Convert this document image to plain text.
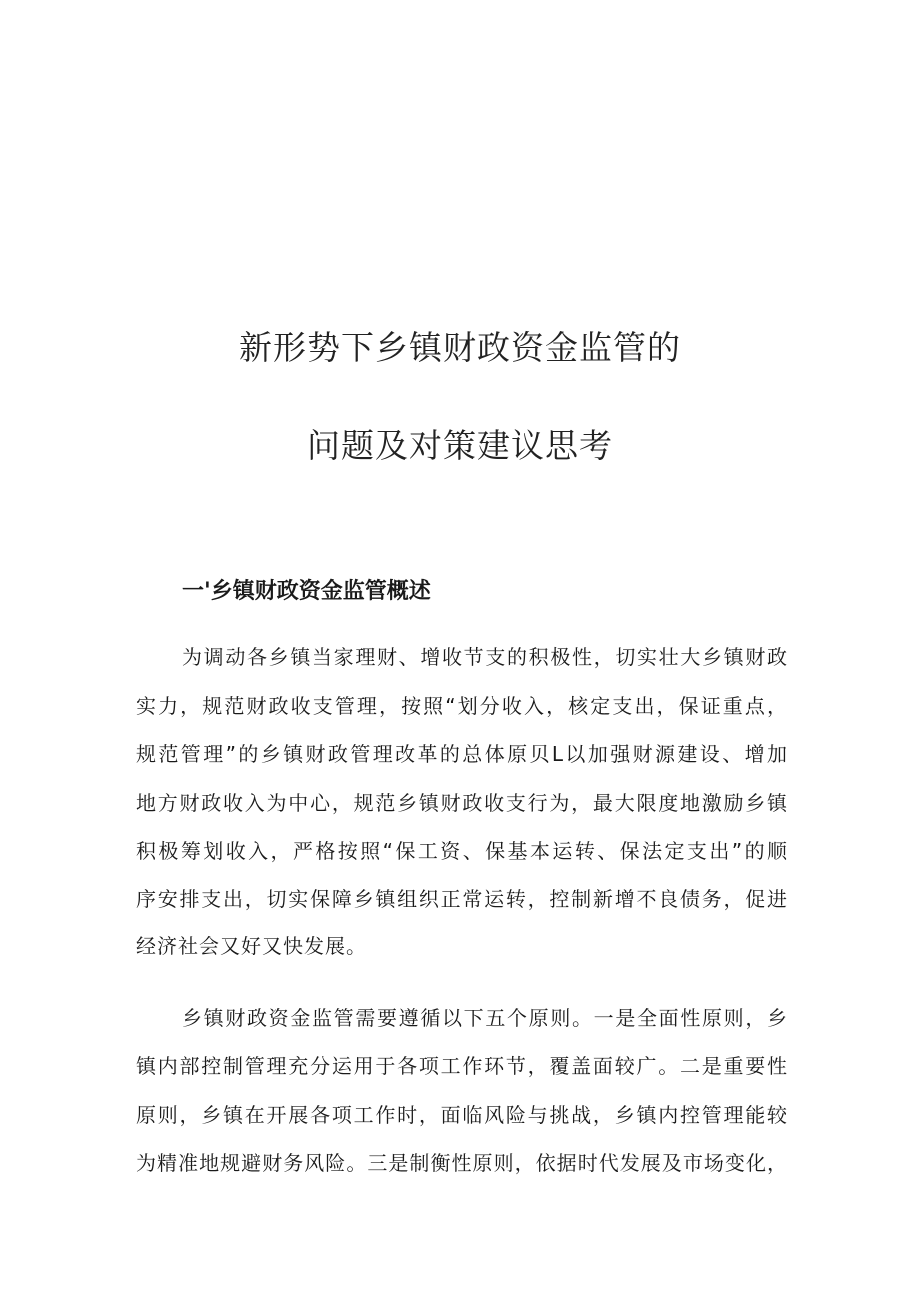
新形势下乡镇财政资金监管的
问题及对策建议思考
一'乡镇财政资金监管概述
为调动各乡镇当家理财、增收节支的积极性，切实壮大乡镇财政
实力，规范财政收支管理，按照“划分收入，核定支出，保证重点，
规范管理”的乡镇财政管理改革的总体原贝L以加强财源建设、增加
地方财政收入为中心，规范乡镇财政收支行为，最大限度地激励乡镇
积极筹划收入，严格按照“保工资、保基本运转、保法定支出”的顺
序安排支出，切实保障乡镇组织正常运转，控制新增不良债务，促进
经济社会又好又快发展。
乡镇财政资金监管需要遵循以下五个原则。一是全面性原则，乡
镇内部控制管理充分运用于各项工作环节，覆盖面较广。二是重要性
原则，乡镇在开展各项工作时，面临风险与挑战，乡镇内控管理能较
为精准地规避财务风险。三是制衡性原则，依据时代发展及市场变化，
